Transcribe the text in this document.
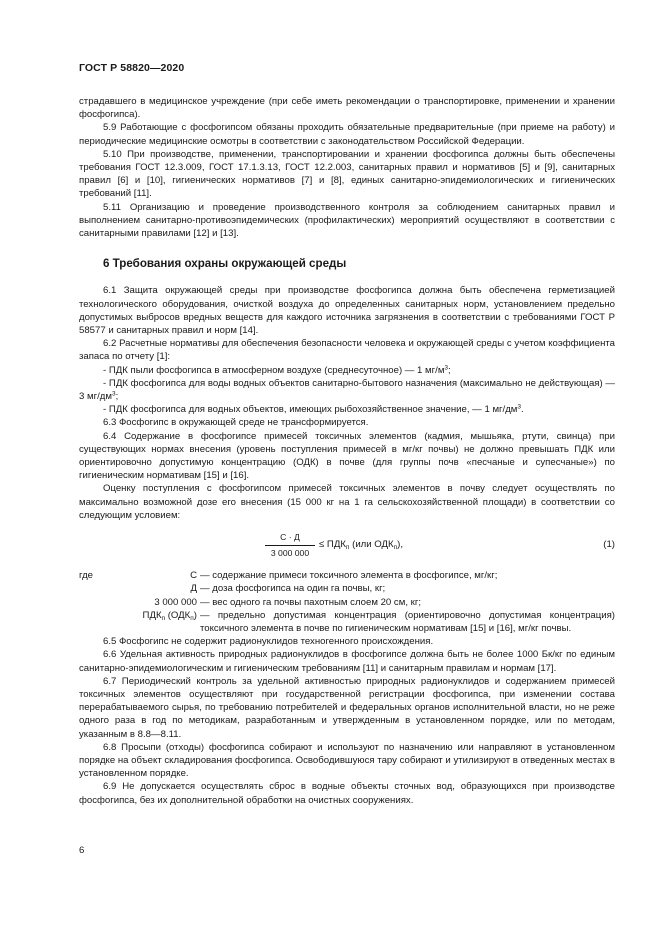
ГОСТ Р 58820—2020

страдавшего в медицинское учреждение (при себе иметь рекомендации о транспортировке, применении и хранении фосфогипса).

5.9 Работающие с фосфогипсом обязаны проходить обязательные предварительные (при приеме на работу) и периодические медицинские осмотры в соответствии с законодательством Российской Федерации.

5.10 При производстве, применении, транспортировании и хранении фосфогипса должны быть обеспечены требования ГОСТ 12.3.009, ГОСТ 17.1.3.13, ГОСТ 12.2.003, санитарных правил и нормативов [5] и [9], санитарных правил [6] и [10], гигиенических нормативов [7] и [8], единых санитарно-эпидемиологических и гигиенических требований [11].

5.11 Организацию и проведение производственного контроля за соблюдением санитарных правил и выполнением санитарно-противоэпидемических (профилактических) мероприятий осуществляют в соответствии с санитарными правилами [12] и [13].

6 Требования охраны окружающей среды

6.1 Защита окружающей среды при производстве фосфогипса должна быть обеспечена герметизацией технологического оборудования, очисткой воздуха до определенных санитарных норм, установлением предельно допустимых выбросов вредных веществ для каждого источника загрязнения в соответствии с требованиями ГОСТ Р 58577 и санитарных правил и норм [14].

6.2 Расчетные нормативы для обеспечения безопасности человека и окружающей среды с учетом коэффициента запаса по отчету [1]:

- ПДК пыли фосфогипса в атмосферном воздухе (среднесуточное) — 1 $мг/м^3$;

- ПДК фосфогипса для воды водных объектов санитарно-бытового назначения (максимально не действующая) — 3 $мг/дм^3$;

- ПДК фосфогипса для водных объектов, имеющих рыбохозяйственное значение, — 1 $мг/дм^3$.

6.3 Фосфогипс в окружающей среде не трансформируется.

6.4 Содержание в фосфогипсе примесей токсичных элементов (кадмия, мышьяка, ртути, свинца) при существующих нормах внесения (уровень поступления примесей в мг/кг почвы) не должно превышать ПДК или ориентировочно допустимую концентрацию (ОДК) в почве (для группы почв «песчаные и супесчаные») по гигиеническим нормативам [15] и [16].

Оценку поступления с фосфогипсом примесей токсичных элементов в почву следует осуществлять по максимально возможной дозе его внесения (15 000 кг на 1 га сельскохозяйственной площади) в соответствии со следующим условием:

C · Д
3 000 000
≤ $ПДК_п$ (или $ОДК_п$),	(1)
где	С — содержание примеси токсичного элемента в фосфогипсе, мг/кг;
Д — доза фосфогипса на один га почвы, кг;
3 000 000 — вес одного га почвы пахотным слоем 20 см, кг;
$ПДК_п$ $(ОДК_п)$ — предельно допустимая концентрация (ориентировочно допустимая концентрация) токсичного элемента в почве по гигиеническим нормативам [15] и [16], мг/кг почвы.

6.5 Фосфогипс не содержит радионуклидов техногенного происхождения.

6.6 Удельная активность природных радионуклидов в фосфогипсе должна быть не более 1000 Бк/кг по единым санитарно-эпидемиологическим и гигиеническим требованиям [11] и санитарным правилам и нормам [17].

6.7 Периодический контроль за удельной активностью природных радионуклидов и содержанием примесей токсичных элементов осуществляют при государственной регистрации фосфогипса, при изменении состава перерабатываемого сырья, по требованию потребителей и федеральных органов исполнительной власти, но не реже одного раза в год по методикам, разработанным и утвержденным в установленном порядке, или по методам, указанным в 8.8—8.11.

6.8 Просыпи (отходы) фосфогипса собирают и используют по назначению или направляют в установленном порядке на объект складирования фосфогипса. Освободившуюся тару собирают и утилизируют в отведенных местах в установленном порядке.

6.9 Не допускается осуществлять сброс в водные объекты сточных вод, образующихся при производстве фосфогипса, без их дополнительной обработки на очистных сооружениях.

6
